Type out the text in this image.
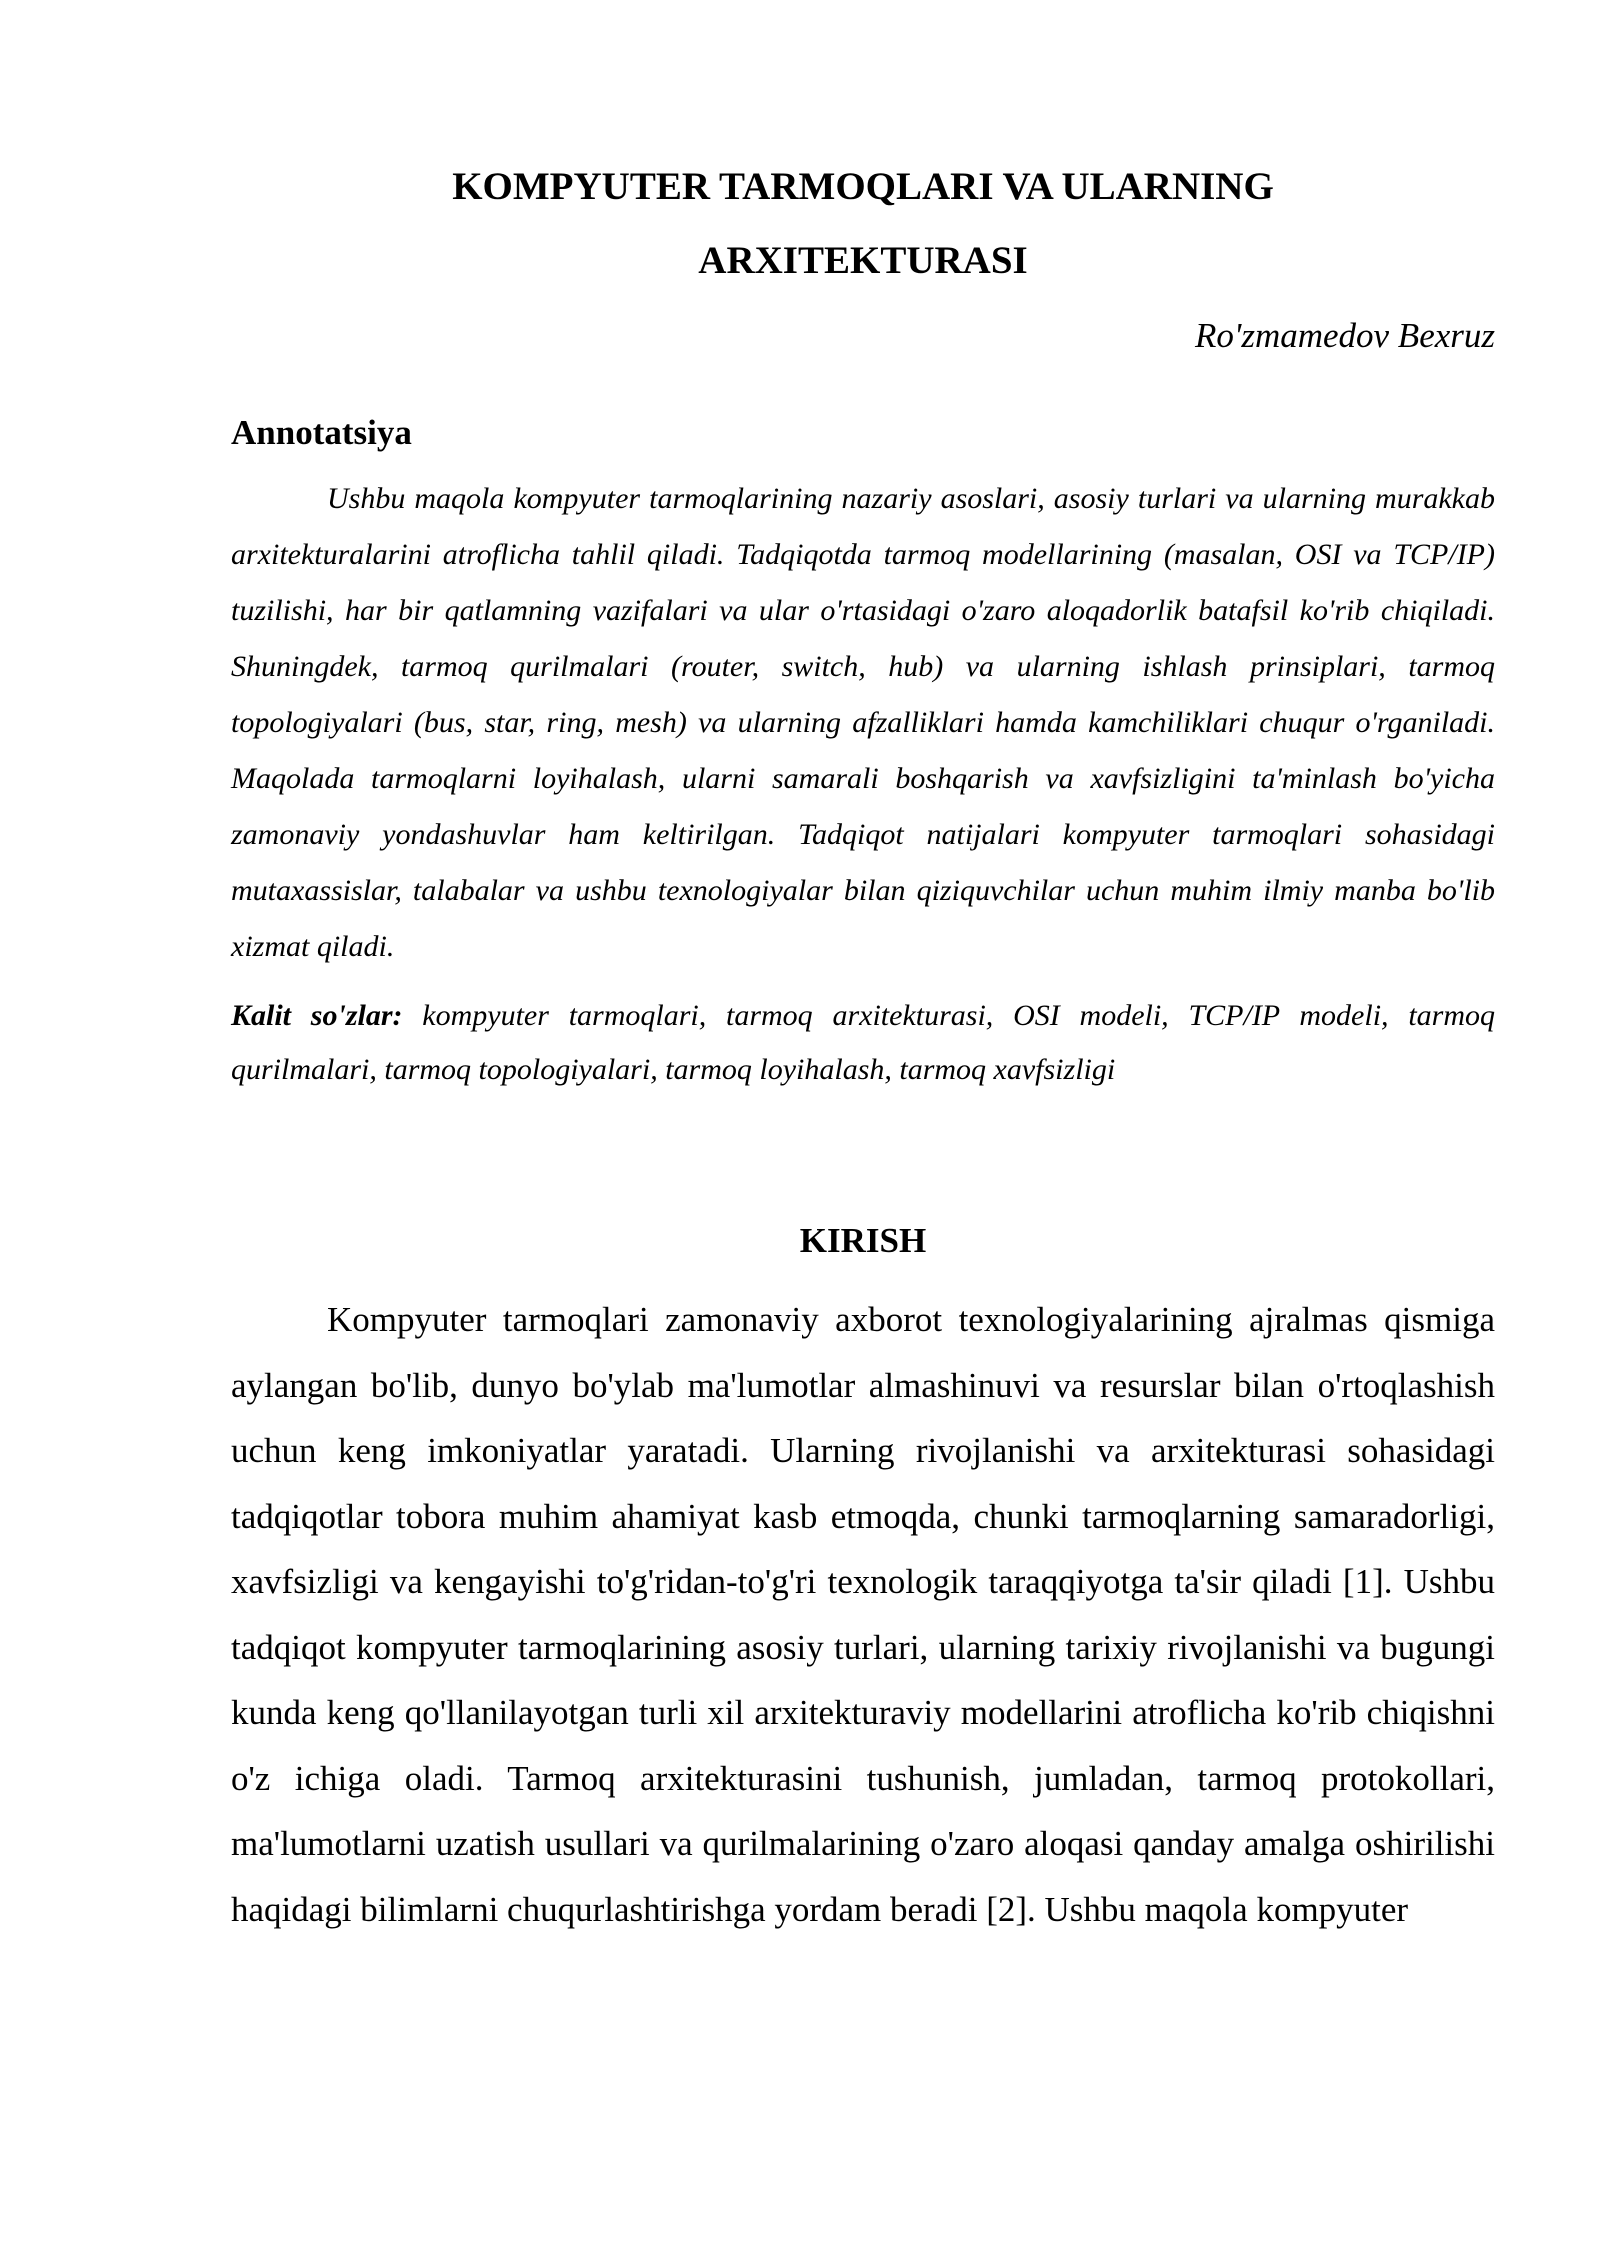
KOMPYUTER TARMOQLARI VA ULARNING
ARXITEKTURASI

Ro'zmamedov Bexruz

Annotatsiya

Ushbu maqola kompyuter tarmoqlarining nazariy asoslari, asosiy turlari va ularning murakkab arxitekturalarini atroflicha tahlil qiladi. Tadqiqotda tarmoq modellarining (masalan, OSI va TCP/IP) tuzilishi, har bir qatlamning vazifalari va ular o'rtasidagi o'zaro aloqadorlik batafsil ko'rib chiqiladi. Shuningdek, tarmoq qurilmalari (router, switch, hub) va ularning ishlash prinsiplari, tarmoq topologiyalari (bus, star, ring, mesh) va ularning afzalliklari hamda kamchiliklari chuqur o'rganiladi. Maqolada tarmoqlarni loyihalash, ularni samarali boshqarish va xavfsizligini ta'minlash bo'yicha zamonaviy yondashuvlar ham keltirilgan. Tadqiqot natijalari kompyuter tarmoqlari sohasidagi mutaxassislar, talabalar va ushbu texnologiyalar bilan qiziquvchilar uchun muhim ilmiy manba bo'lib xizmat qiladi.

Kalit so'zlar: kompyuter tarmoqlari, tarmoq arxitekturasi, OSI modeli, TCP/IP modeli, tarmoq qurilmalari, tarmoq topologiyalari, tarmoq loyihalash, tarmoq xavfsizligi

KIRISH

Kompyuter tarmoqlari zamonaviy axborot texnologiyalarining ajralmas qismiga aylangan bo'lib, dunyo bo'ylab ma'lumotlar almashinuvi va resurslar bilan o'rtoqlashish uchun keng imkoniyatlar yaratadi. Ularning rivojlanishi va arxitekturasi sohasidagi tadqiqotlar tobora muhim ahamiyat kasb etmoqda, chunki tarmoqlarning samaradorligi, xavfsizligi va kengayishi to'g'ridan-to'g'ri texnologik taraqqiyotga ta'sir qiladi [1]. Ushbu tadqiqot kompyuter tarmoqlarining asosiy turlari, ularning tarixiy rivojlanishi va bugungi kunda keng qo'llanilayotgan turli xil arxitekturaviy modellarini atroflicha ko'rib chiqishni o'z ichiga oladi. Tarmoq arxitekturasini tushunish, jumladan, tarmoq protokollari, ma'lumotlarni uzatish usullari va qurilmalarining o'zaro aloqasi qanday amalga oshirilishi haqidagi bilimlarni chuqurlashtirishga yordam beradi [2]. Ushbu maqola kompyuter
